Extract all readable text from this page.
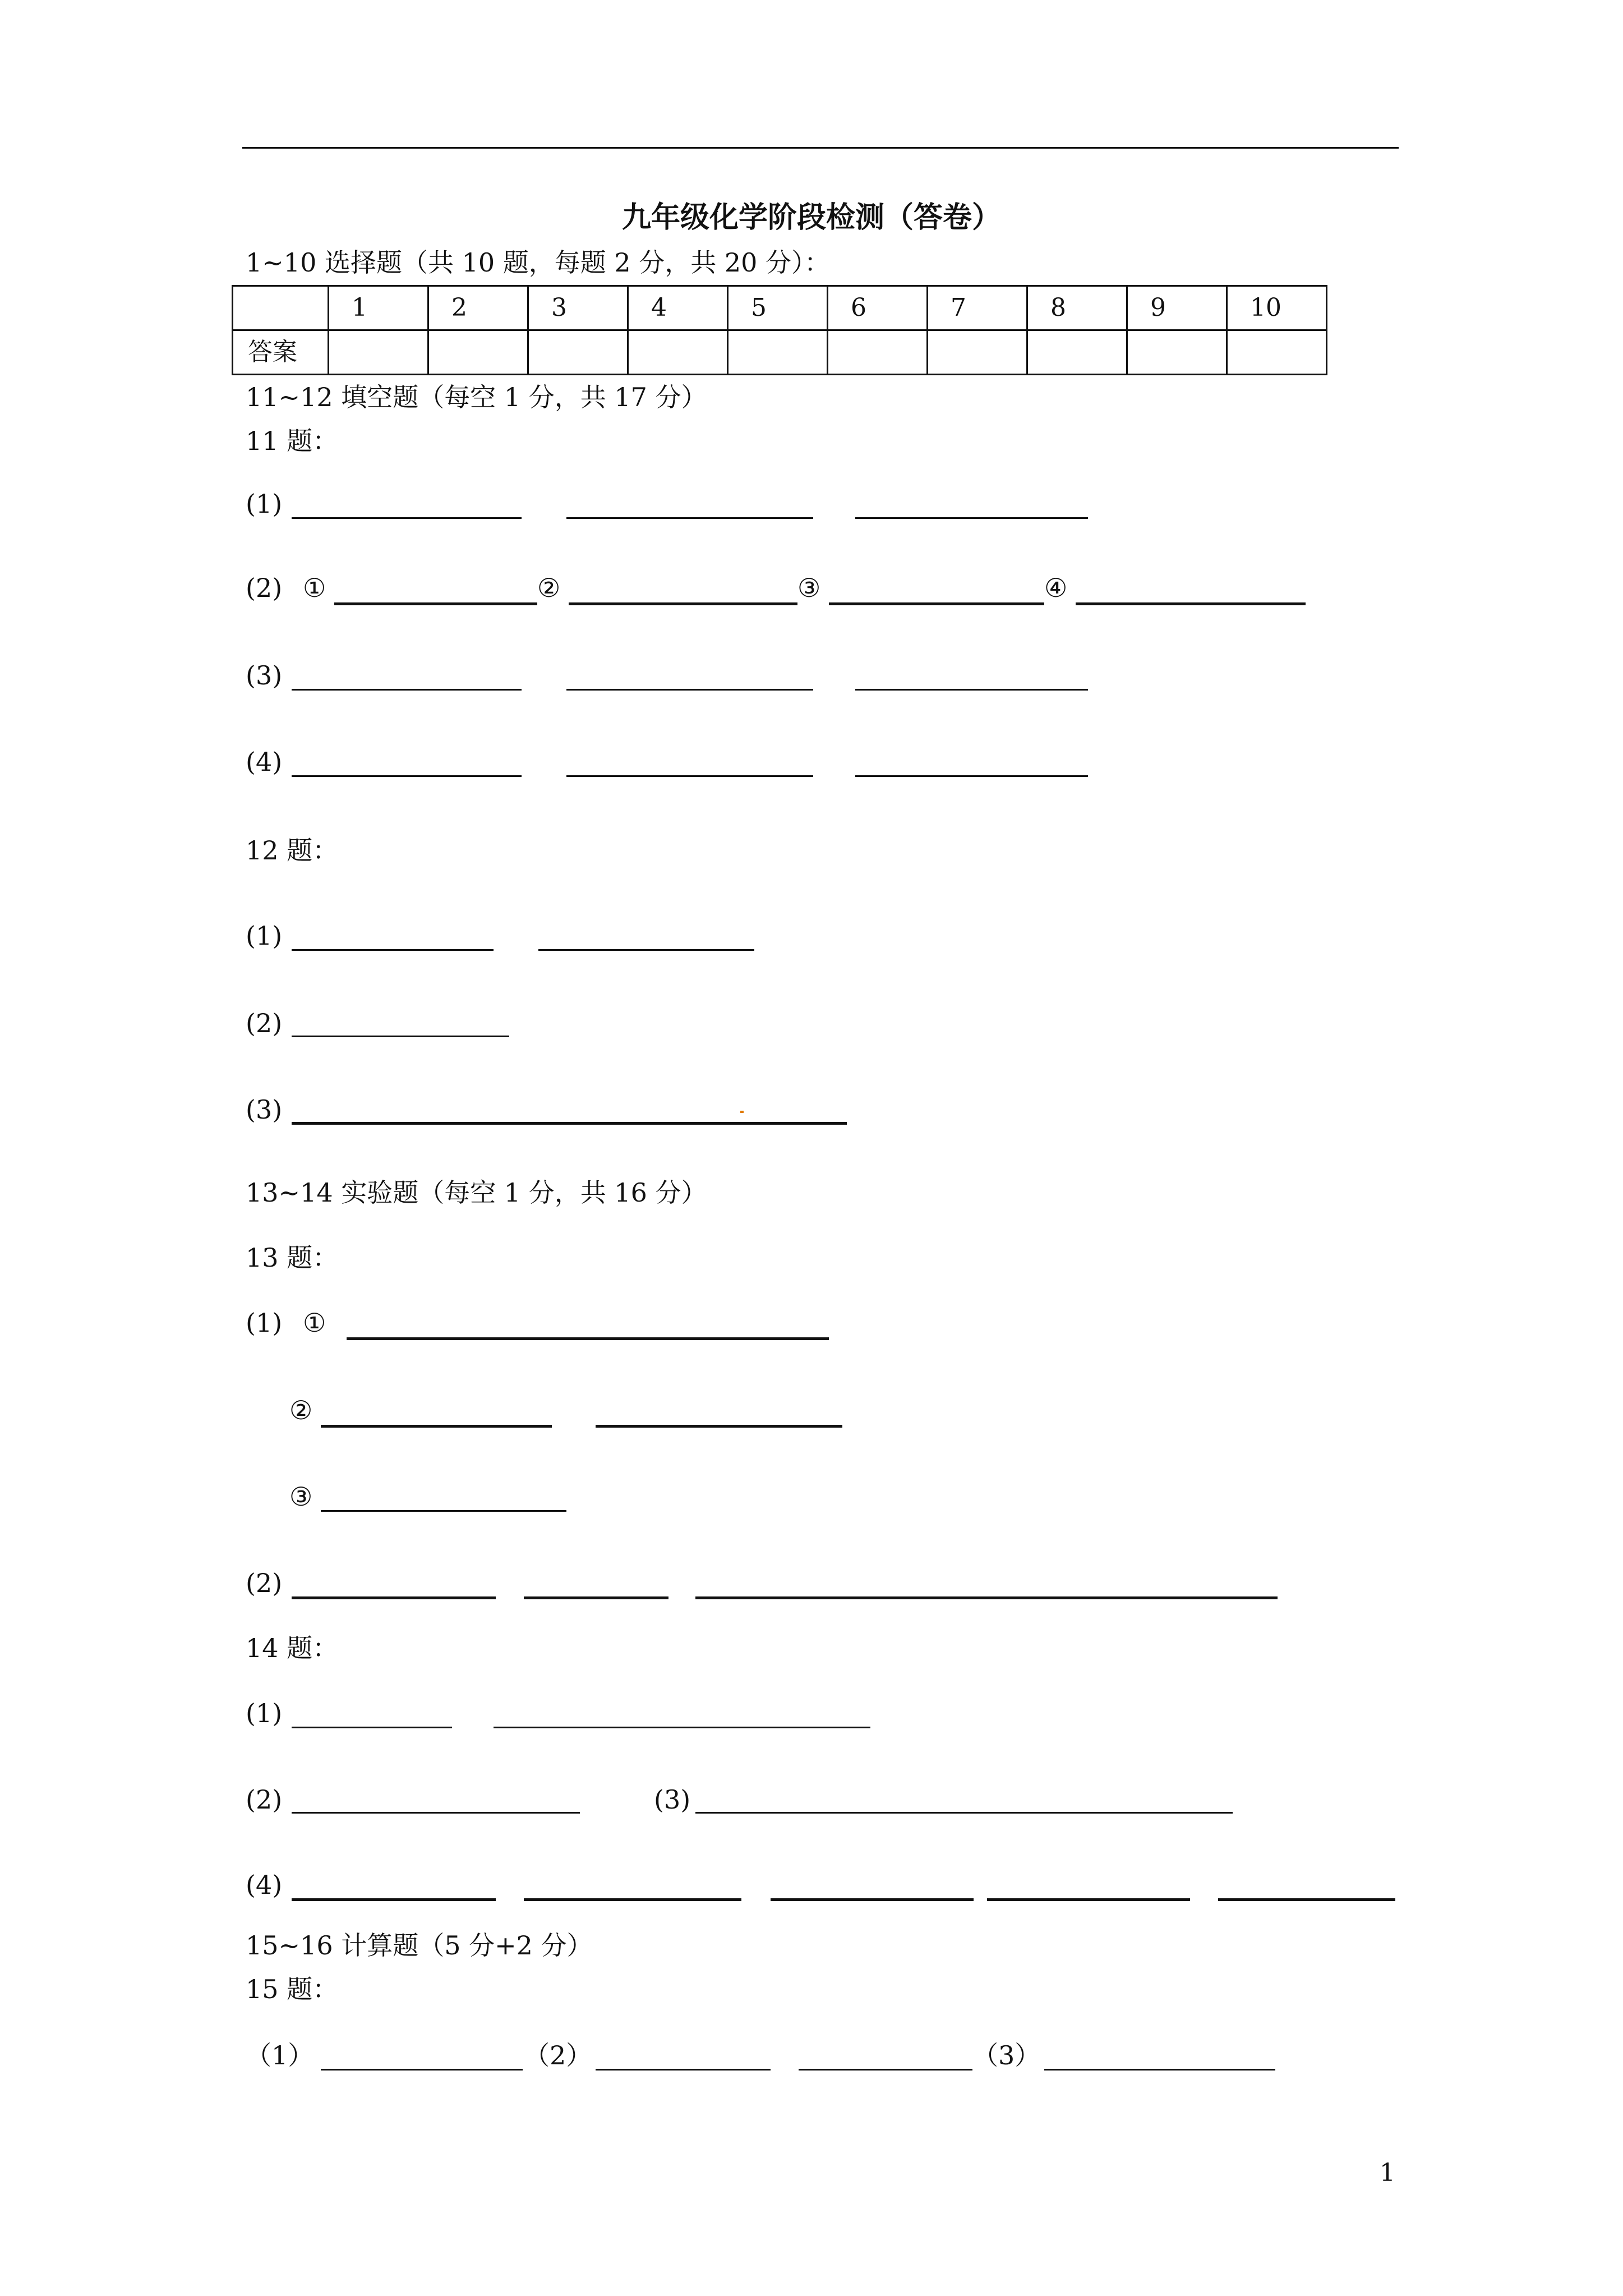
九年级化学阶段检测（答卷）
1~10 选择题（共 10 题，每题 2 分，共 20 分）：
	1	2	3	4	5	6	7	8	9	10
答案										
11~12 填空题（每空 1 分，共 17 分）
11 题：
(1)
(2) ①	②	③	④
(3)
(4)
12 题：
(1)
(2)
(3)
13~14 实验题（每空 1 分，共 16 分）
13 题：
(1) ①
②
③
(2)
14 题：
(1)
(2)	(3)
(4)
15~16 计算题（5 分+2 分）
15 题：
（1）	（2）	（3）
1
